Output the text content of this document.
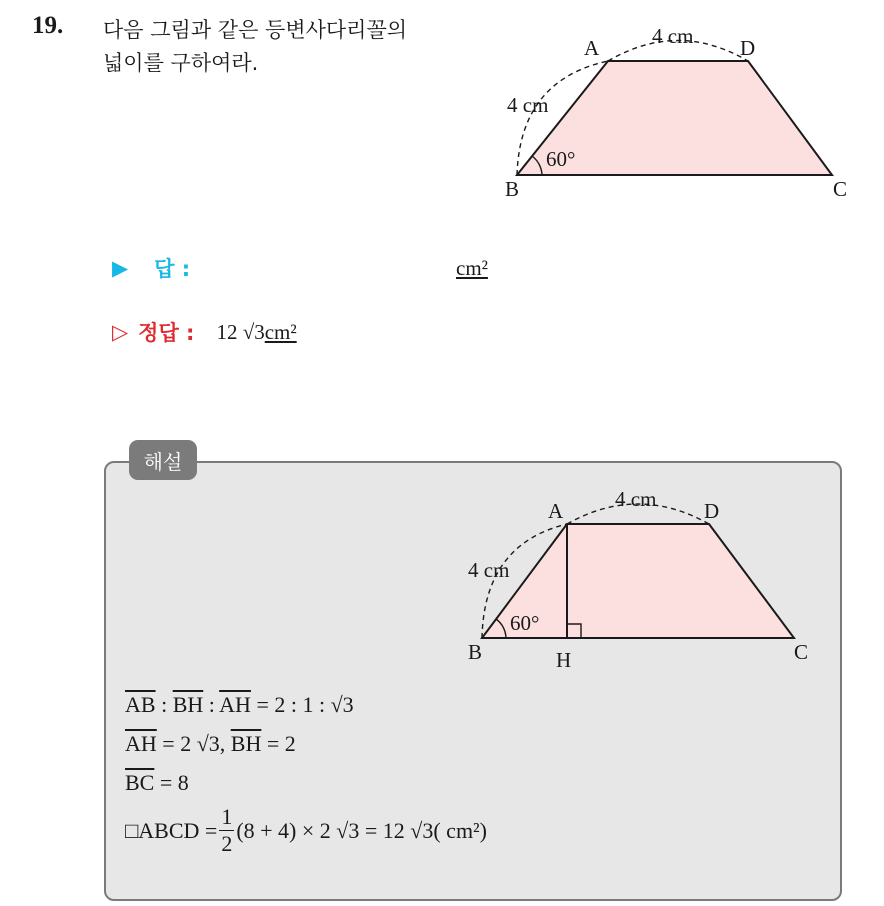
19. 다음 그림과 같은 등변사다리꼴의
넓이를 구하여라.
A	D
B	C
4 cm
4 cm
60°
▶ 답 :	cm²
▷ 정답 : 12 √3 cm²
해설
A	D
B	H	C
4 cm
4 cm
60°
$\overline{AB}$ : $\overline{BH}$ : $\overline{AH} = 2$ : 1 : √3
$\overline{AH} = 2$ √3, $\overline{BH} = 2$
$\overline{BC} = 8$
□ABCD = $\frac{1}{2} (8 + 4) \times 2$ √3 = 12 √3( cm²)
